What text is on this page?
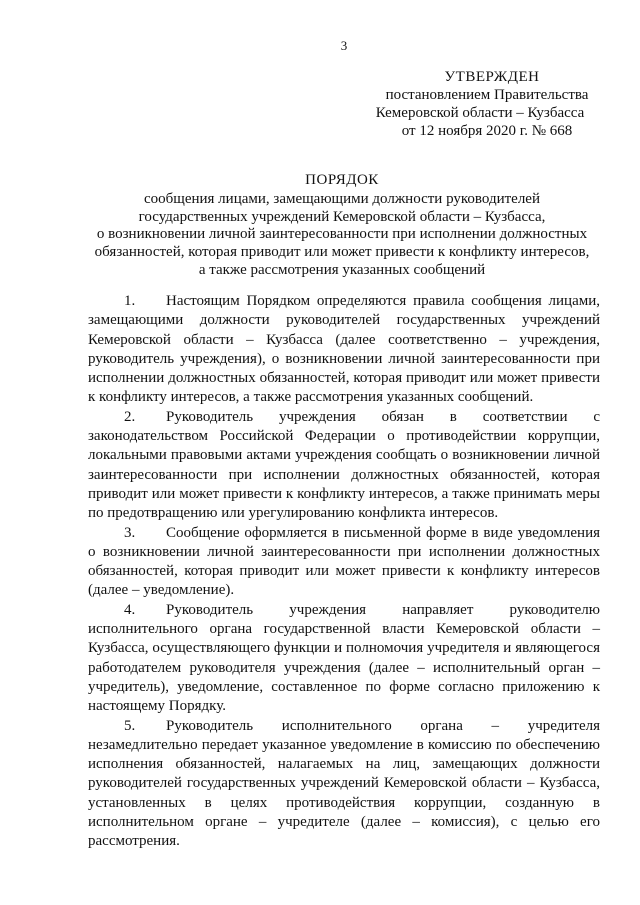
3
УТВЕРЖДЕН
постановлением Правительства
Кемеровской области – Кузбасса
от 12 ноября 2020 г. № 668
ПОРЯДОК
сообщения лицами, замещающими должности руководителей
государственных учреждений Кемеровской области – Кузбасса,
о возникновении личной заинтересованности при исполнении должностных
обязанностей, которая приводит или может привести к конфликту интересов,
а также рассмотрения указанных сообщений

1. Настоящим Порядком определяются правила сообщения лицами, замещающими должности руководителей государственных учреждений Кемеровской области – Кузбасса (далее соответственно – учреждения, руководитель учреждения), о возникновении личной заинтересованности при исполнении должностных обязанностей, которая приводит или может привести к конфликту интересов, а также рассмотрения указанных сообщений.

2. Руководитель учреждения обязан в соответствии с законодательством Российской Федерации о противодействии коррупции, локальными правовыми актами учреждения сообщать о возникновении личной заинтересованности при исполнении должностных обязанностей, которая приводит или может привести к конфликту интересов, а также принимать меры по предотвращению или урегулированию конфликта интересов.

3. Сообщение оформляется в письменной форме в виде уведомления о возникновении личной заинтересованности при исполнении должностных обязанностей, которая приводит или может привести к конфликту интересов (далее – уведомление).

4. Руководитель учреждения направляет руководителю исполнительного органа государственной власти Кемеровской области – Кузбасса, осуществляющего функции и полномочия учредителя и являющегося работодателем руководителя учреждения (далее – исполнительный орган – учредитель), уведомление, составленное по форме согласно приложению к настоящему Порядку.

5. Руководитель исполнительного органа – учредителя незамедлительно передает указанное уведомление в комиссию по обеспечению исполнения обязанностей, налагаемых на лиц, замещающих должности руководителей государственных учреждений Кемеровской области – Кузбасса, установленных в целях противодействия коррупции, созданную в исполнительном органе – учредителе (далее – комиссия), с целью его рассмотрения.
